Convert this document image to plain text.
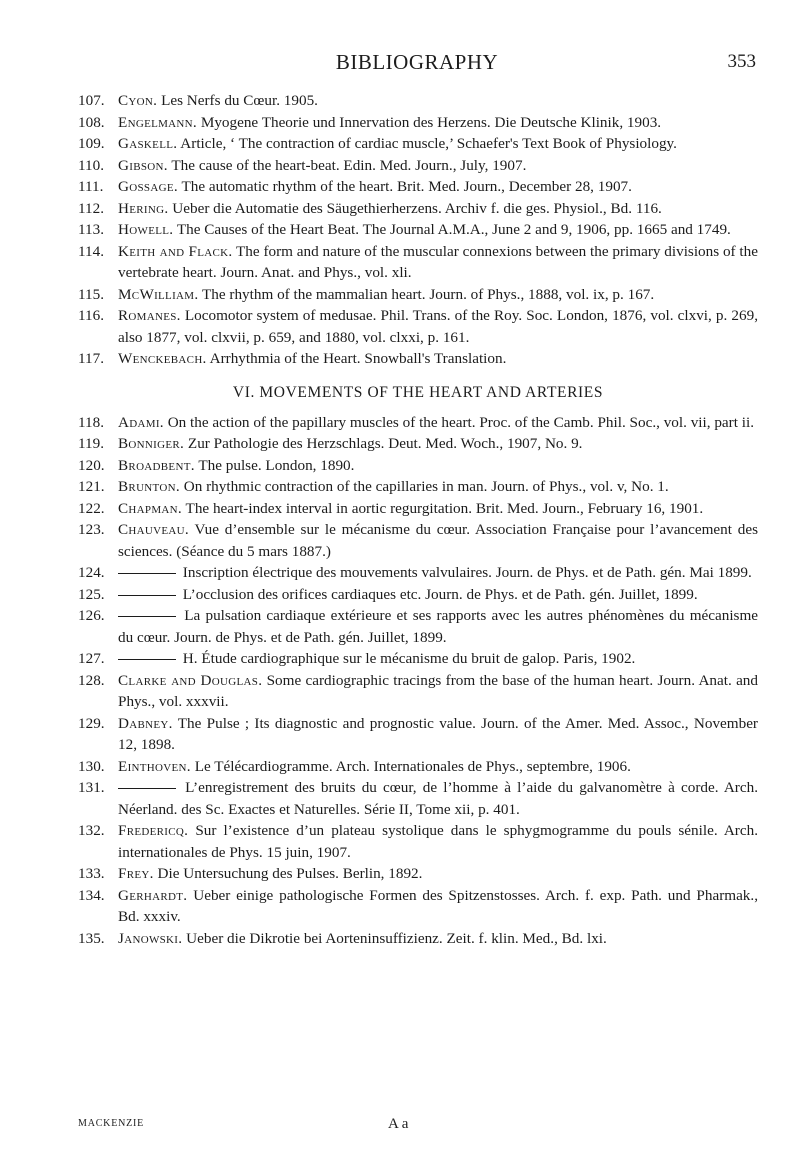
BIBLIOGRAPHY	353

107. Cyon. Les Nerfs du Cœur. 1905.

108. Engelmann. Myogene Theorie und Innervation des Herzens. Die Deutsche Klinik, 1903.

109. Gaskell. Article, ‘ The contraction of cardiac muscle,’ Schaefer's Text Book of Physiology.

110. Gibson. The cause of the heart-beat. Edin. Med. Journ., July, 1907.

111. Gossage. The automatic rhythm of the heart. Brit. Med. Journ., December 28, 1907.

112. Hering. Ueber die Automatie des Säugethierherzens. Archiv f. die ges. Physiol., Bd. 116.

113. Howell. The Causes of the Heart Beat. The Journal A.M.A., June 2 and 9, 1906, pp. 1665 and 1749.

114. Keith and Flack. The form and nature of the muscular connexions between the primary divisions of the vertebrate heart. Journ. Anat. and Phys., vol. xli.

115. McWilliam. The rhythm of the mammalian heart. Journ. of Phys., 1888, vol. ix, p. 167.

116. Romanes. Locomotor system of medusae. Phil. Trans. of the Roy. Soc. London, 1876, vol. clxvi, p. 269, also 1877, vol. clxvii, p. 659, and 1880, vol. clxxi, p. 161.

117. Wenckebach. Arrhythmia of the Heart. Snowball's Translation.

VI. MOVEMENTS OF THE HEART AND ARTERIES

118. Adami. On the action of the papillary muscles of the heart. Proc. of the Camb. Phil. Soc., vol. vii, part ii.

119. Bonniger. Zur Pathologie des Herzschlags. Deut. Med. Woch., 1907, No. 9.

120. Broadbent. The pulse. London, 1890.

121. Brunton. On rhythmic contraction of the capillaries in man. Journ. of Phys., vol. v, No. 1.

122. Chapman. The heart-index interval in aortic regurgitation. Brit. Med. Journ., February 16, 1901.

123. Chauveau. Vue d’ensemble sur le mécanisme du cœur. Association Française pour l’avancement des sciences. (Séance du 5 mars 1887.)

124.	Inscription électrique des mouvements valvulaires. Journ. de Phys. et de Path. gén. Mai 1899.

125.	L’occlusion des orifices cardiaques etc. Journ. de Phys. et de Path. gén. Juillet, 1899.

126.	La pulsation cardiaque extérieure et ses rapports avec les autres phénomènes du mécanisme du cœur. Journ. de Phys. et de Path. gén. Juillet, 1899.

127.	H. Étude cardiographique sur le mécanisme du bruit de galop. Paris, 1902.

128. Clarke and Douglas. Some cardiographic tracings from the base of the human heart. Journ. Anat. and Phys., vol. xxxvii.

129. Dabney. The Pulse ; Its diagnostic and prognostic value. Journ. of the Amer. Med. Assoc., November 12, 1898.

130. Einthoven. Le Télécardiogramme. Arch. Internationales de Phys., septembre, 1906.

131.	L’enregistrement des bruits du cœur, de l’homme à l’aide du galvanomètre à corde. Arch. Néerland. des Sc. Exactes et Naturelles. Série II, Tome xii, p. 401.

132. Fredericq. Sur l’existence d’un plateau systolique dans le sphygmogramme du pouls sénile. Arch. internationales de Phys. 15 juin, 1907.

133. Frey. Die Untersuchung des Pulses. Berlin, 1892.

134. Gerhardt. Ueber einige pathologische Formen des Spitzenstosses. Arch. f. exp. Path. und Pharmak., Bd. xxxiv.

135. Janowski. Ueber die Dikrotie bei Aorteninsuffizienz. Zeit. f. klin. Med., Bd. lxi.

MACKENZIE	A a
